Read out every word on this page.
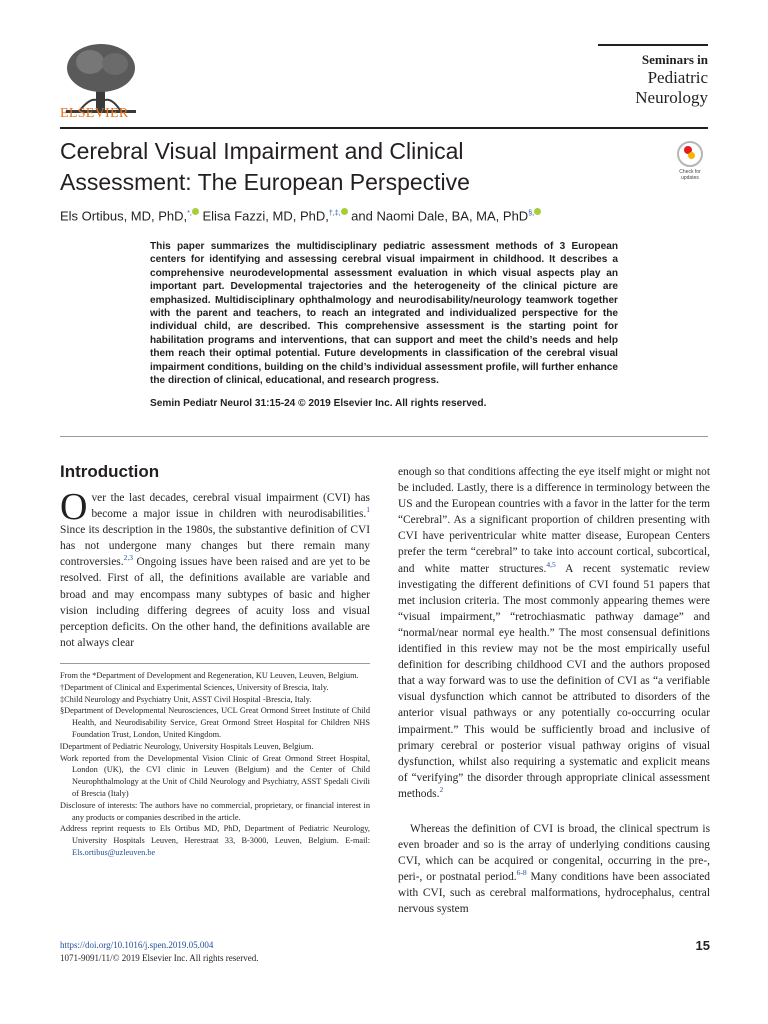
ELSEVIER
Seminars in
Pediatric
Neurology
Cerebral Visual Impairment and Clinical
Assessment: The European Perspective	Check for
updates
Els Ortibus, MD, PhD,*, Elisa Fazzi, MD, PhD,†,‡, and Naomi Dale, BA, MA, PhD§,

This paper summarizes the multidisciplinary pediatric assessment methods of 3 European centers for identifying and assessing cerebral visual impairment in childhood. It describes a comprehensive neurodevelopmental assessment evaluation in which visual aspects play an important part. Developmental trajectories and the heterogeneity of the clinical picture are emphasized. Multidisciplinary ophthalmology and neurodisability/neurology teamwork together with the parent and teachers, to reach an integrated and individualized perspective for the individual child, are described. This comprehensive assessment is the starting point for habilitation programs and interventions, that can support and meet the child’s needs and help them reach their optimal potential. Future developments in classification of the cerebral visual impairment conditions, building on the child’s individual assessment profile, will further enhance the direction of clinical, educational, and research progress.

Semin Pediatr Neurol 31:15-24 © 2019 Elsevier Inc. All rights reserved.
Introduction

Over the last decades, cerebral visual impairment (CVI) has become a major issue in children with neurodisabilities.$^1$ Since its description in the 1980s, the substantive definition of CVI has not undergone many changes but there remain many controversies.$^{2,3}$ Ongoing issues have been raised and are yet to be resolved. First of all, the definitions available are variable and broad and may encompass many subtypes of basic and higher vision including differing degrees of acuity loss and visual perception deficits. On the other hand, the definitions available are not always clear

enough so that conditions affecting the eye itself might or might not be included. Lastly, there is a difference in terminology between the US and the European countries with a favor in the latter for the term “Cerebral”. As a significant proportion of children presenting with CVI have periventricular white matter disease, European Centers prefer the term “cerebral” to take into account cortical, subcortical, and white matter structures.$^{4,5}$ A recent systematic review investigating the different definitions of CVI found 51 papers that met inclusion criteria. The most commonly appearing themes were “visual impairment,” “retrochiasmatic pathway damage” and “normal/near normal eye health.” The most consensual definitions identified in this review may not be the most empirically useful definition for describing childhood CVI and the authors proposed that a way forward was to use the definition of CVI as “a verifiable visual dysfunction which cannot be attributed to disorders of the anterior visual pathways or any potentially co-occurring ocular impairment.” This would be sufficiently broad and inclusive of primary cerebral or posterior visual pathway origins of visual dysfunction, whilst also requiring a systematic and explicit means of “verifying” the disorder through appropriate clinical assessment methods.$^2$

Whereas the definition of CVI is broad, the clinical spectrum is even broader and so is the array of underlying conditions causing CVI, which can be acquired or congenital, occurring in the pre-, peri-, or postnatal period.$^{6-8}$ Many conditions have been associated with CVI, such as cerebral malformations, hydrocephalus, central nervous system

From the *Department of Development and Regeneration, KU Leuven, Leuven, Belgium.

†Department of Clinical and Experimental Sciences, University of Brescia, Italy.

‡Child Neurology and Psychiatry Unit, ASST Civil Hospital -Brescia, Italy.

§Department of Developmental Neurosciences, UCL Great Ormond Street Institute of Child Health, and Neurodisability Service, Great Ormond Street Hospital for Children NHS Foundation Trust, London, United Kingdom.

‖Department of Pediatric Neurology, University Hospitals Leuven, Belgium.

Work reported from the Developmental Vision Clinic of Great Ormond Street Hospital, London (UK), the CVI clinic in Leuven (Belgium) and the Center of Child Neurophthalmology at the Unit of Child Neurology and Psychiatry, ASST Spedali Civili of Brescia (Italy)

Disclosure of interests: The authors have no commercial, proprietary, or financial interest in any products or companies described in the article.

Address reprint requests to Els Ortibus MD, PhD, Department of Pediatric Neurology, University Hospitals Leuven, Herestraat 33, B-3000, Leuven, Belgium. E-mail: Els.ortibus@uzleuven.be

https://doi.org/10.1016/j.spen.2019.05.004
1071-9091/11/© 2019 Elsevier Inc. All rights reserved.
15
